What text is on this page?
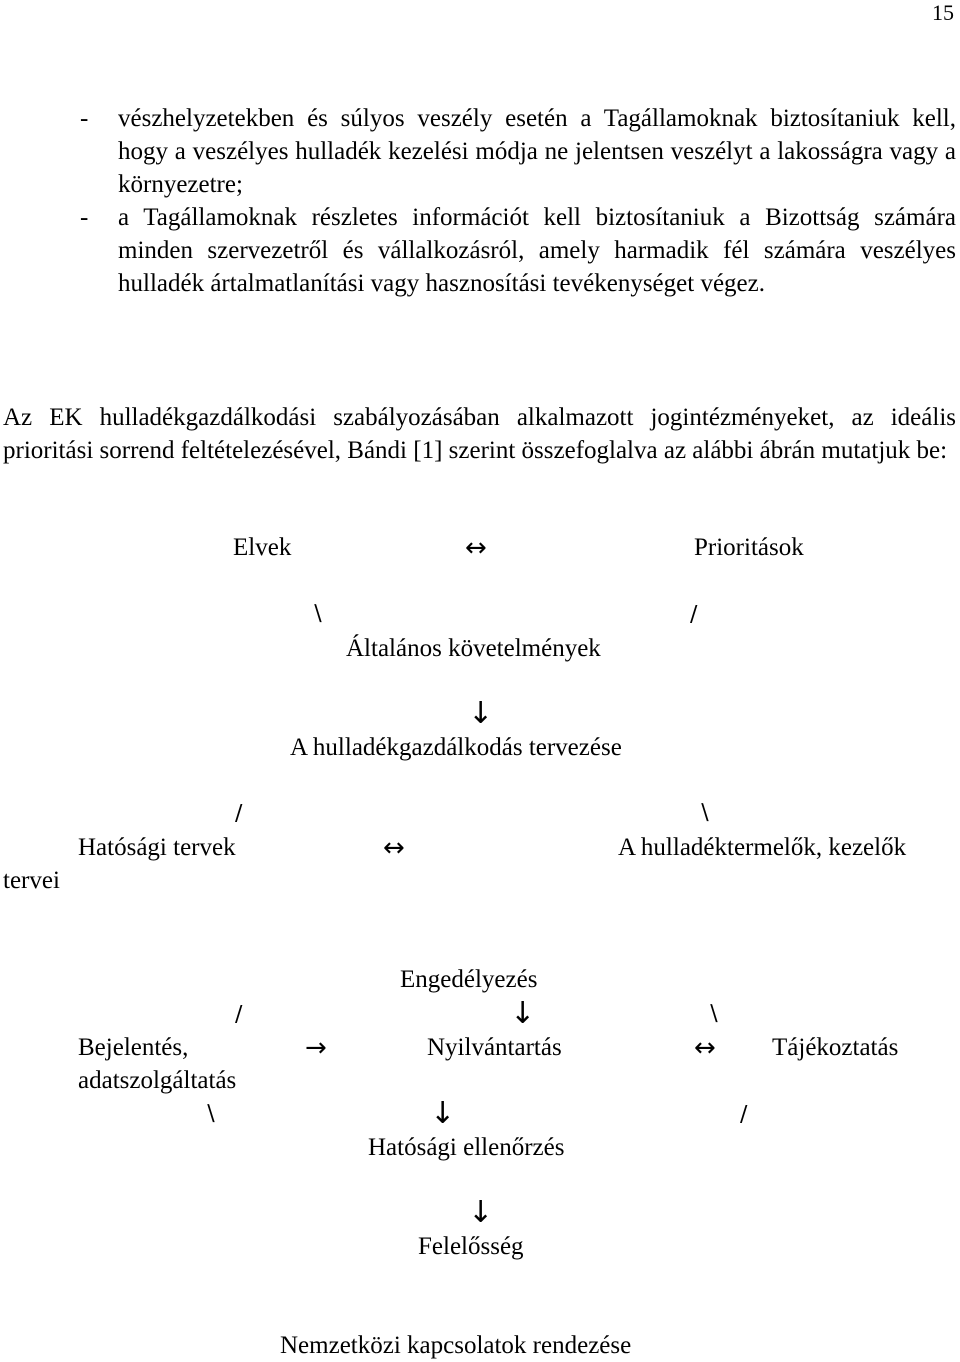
15
- vészhelyzetekben és súlyos veszély esetén a Tagállamoknak biztosítaniuk kell, hogy a veszélyes hulladék kezelési módja ne jelentsen veszélyt a lakosságra vagy a környezetre;
- a Tagállamoknak részletes információt kell biztosítaniuk a Bizottság számára minden szervezetről és vállalkozásról, amely harmadik fél számára veszélyes hulladék ártalmatlanítási vagy hasznosítási tevékenységet végez.
Az EK hulladékgazdálkodási szabályozásában alkalmazott jogintézményeket, az ideális prioritási sorrend feltételezésével, Bándi [1] szerint összefoglalva az alábbi ábrán mutatjuk be:
Elvek	↔	Prioritások
∖	∕
Általános követelmények
↓
A hulladékgazdálkodás tervezése
∕	∖
Hatósági tervek	↔	A hulladéktermelők, kezelők
tervei
Engedélyezés
∕	↓	∖
Bejelentés,
adatszolgáltatás
→	Nyilvántartás	↔ Tájékoztatás
∖	↓	∕
Hatósági ellenőrzés
↓
Felelősség
Nemzetközi kapcsolatok rendezése
